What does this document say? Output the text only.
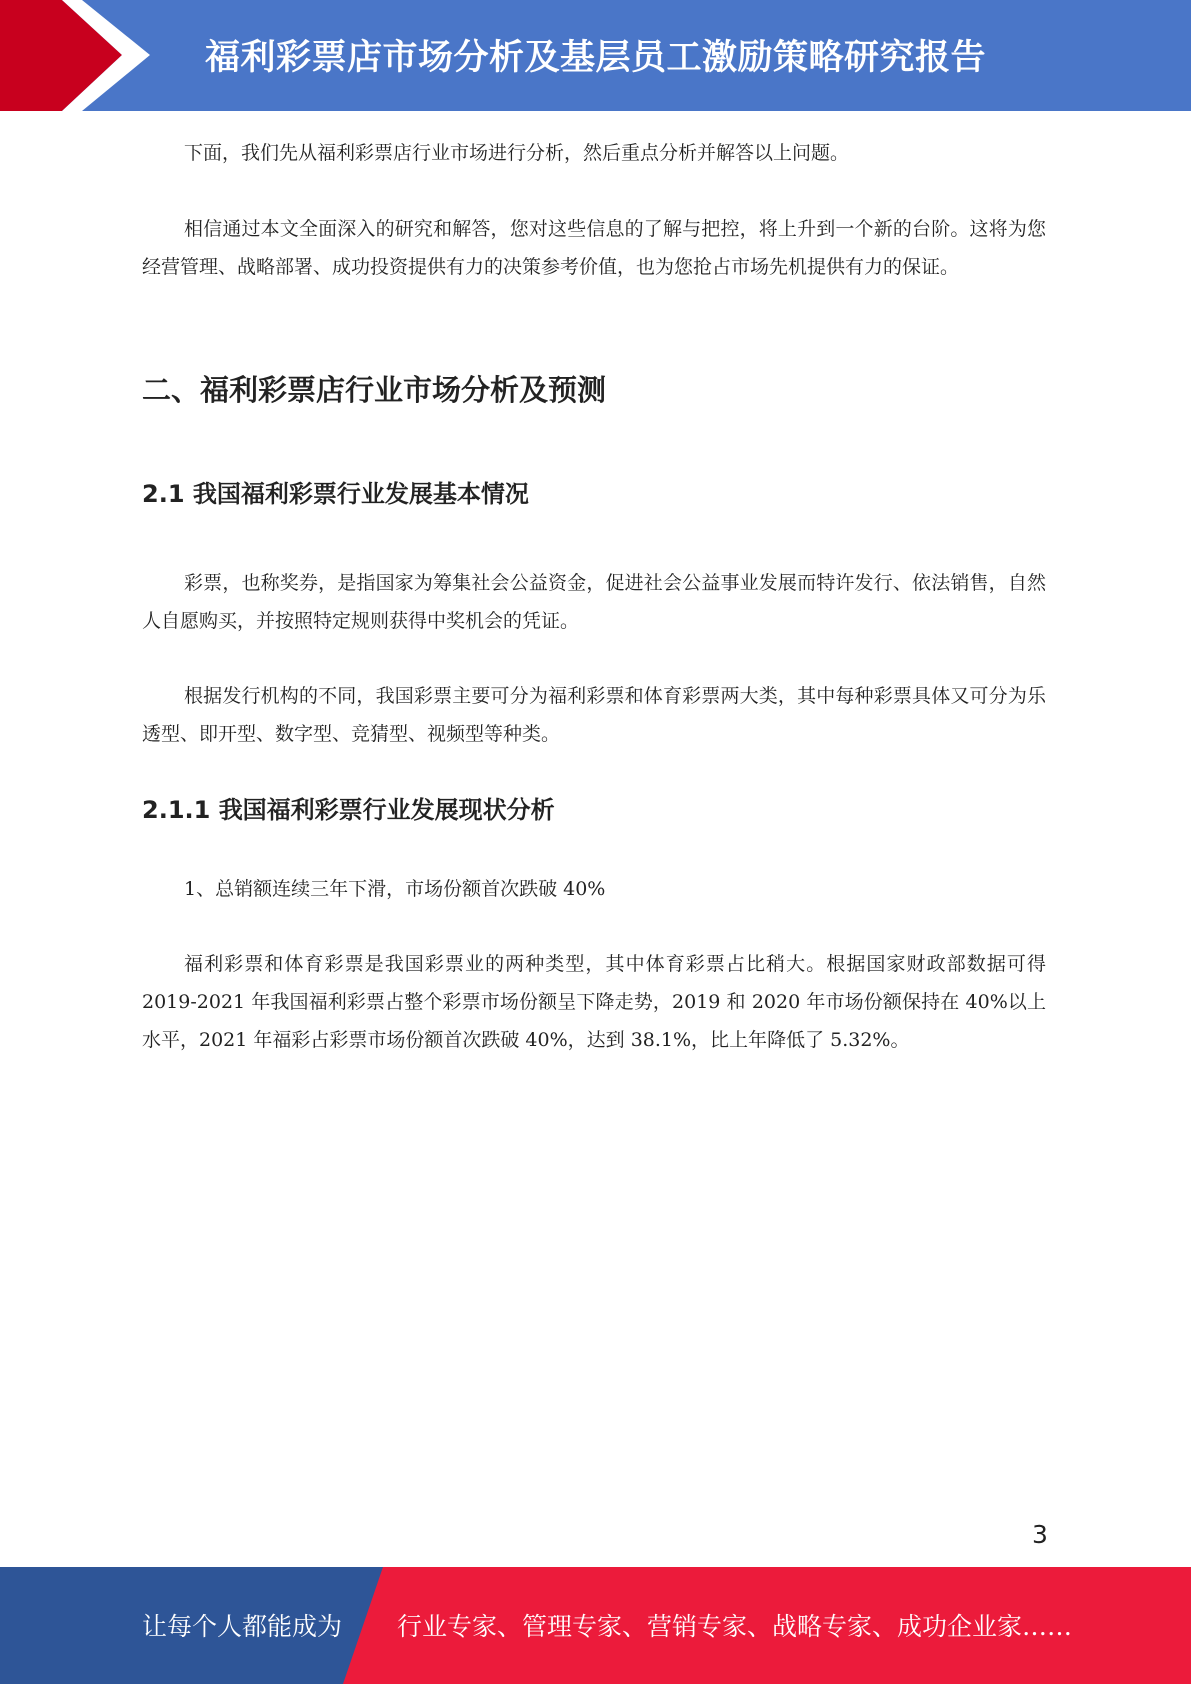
福利彩票店市场分析及基层员工激励策略研究报告

下面，我们先从福利彩票店行业市场进行分析，然后重点分析并解答以上问题。

相信通过本文全面深入的研究和解答，您对这些信息的了解与把控，将上升到一个新的台阶。这将为您经营管理、战略部署、成功投资提供有力的决策参考价值，也为您抢占市场先机提供有力的保证。

二、福利彩票店行业市场分析及预测
2.1 我国福利彩票行业发展基本情况

彩票，也称奖券，是指国家为筹集社会公益资金，促进社会公益事业发展而特许发行、依法销售，自然人自愿购买，并按照特定规则获得中奖机会的凭证。

根据发行机构的不同，我国彩票主要可分为福利彩票和体育彩票两大类，其中每种彩票具体又可分为乐透型、即开型、数字型、竞猜型、视频型等种类。

2.1.1 我国福利彩票行业发展现状分析

1、总销额连续三年下滑，市场份额首次跌破 40%

福利彩票和体育彩票是我国彩票业的两种类型，其中体育彩票占比稍大。根据国家财政部数据可得 2019-2021 年我国福利彩票占整个彩票市场份额呈下降走势，2019 和 2020 年市场份额保持在 40%以上水平，2021 年福彩占彩票市场份额首次跌破 40%，达到 38.1%，比上年降低了 5.32%。

3
让每个人都能成为 行业专家、管理专家、营销专家、战略专家、成功企业家……
